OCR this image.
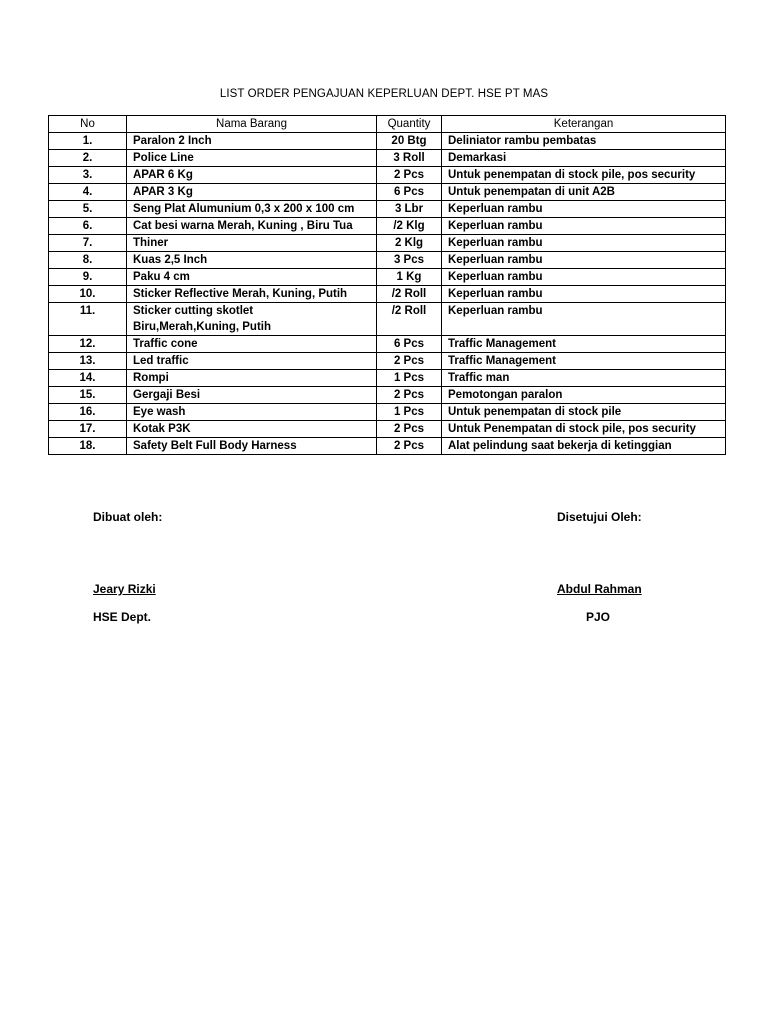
LIST ORDER PENGAJUAN KEPERLUAN DEPT. HSE PT MAS
No	Nama Barang	Quantity	Keterangan

1.	Paralon 2 Inch	20 Btg	Deliniator rambu pembatas

2.	Police Line	3 Roll	Demarkasi

3.	APAR 6 Kg	2 Pcs	Untuk penempatan di stock pile, pos security

4.	APAR 3 Kg	6 Pcs	Untuk penempatan di unit A2B

5.	Seng Plat Alumunium 0,3 x 200 x 100 cm	3 Lbr	Keperluan rambu

6.	Cat besi warna Merah, Kuning , Biru Tua	/2 Klg	Keperluan rambu

7.	Thiner	2 Klg	Keperluan rambu

8.	Kuas 2,5 Inch	3 Pcs	Keperluan rambu

9.	Paku 4 cm	1 Kg	Keperluan rambu

10.	Sticker Reflective Merah, Kuning, Putih	/2 Roll	Keperluan rambu

11.	Sticker cutting skotlet
Biru,Merah,Kuning, Putih	/2 Roll	Keperluan rambu

12.	Traffic cone	6 Pcs	Traffic Management

13.	Led traffic	2 Pcs	Traffic Management

14.	Rompi	1 Pcs	Traffic man

15.	Gergaji Besi	2 Pcs	Pemotongan paralon

16.	Eye wash	1 Pcs	Untuk penempatan di stock pile

17.	Kotak P3K	2 Pcs	Untuk Penempatan di stock pile, pos security

18.	Safety Belt Full Body Harness	2 Pcs	Alat pelindung saat bekerja di ketinggian
Dibuat oleh:
Jeary Rizki
HSE Dept.
Disetujui Oleh:
Abdul Rahman
PJO
